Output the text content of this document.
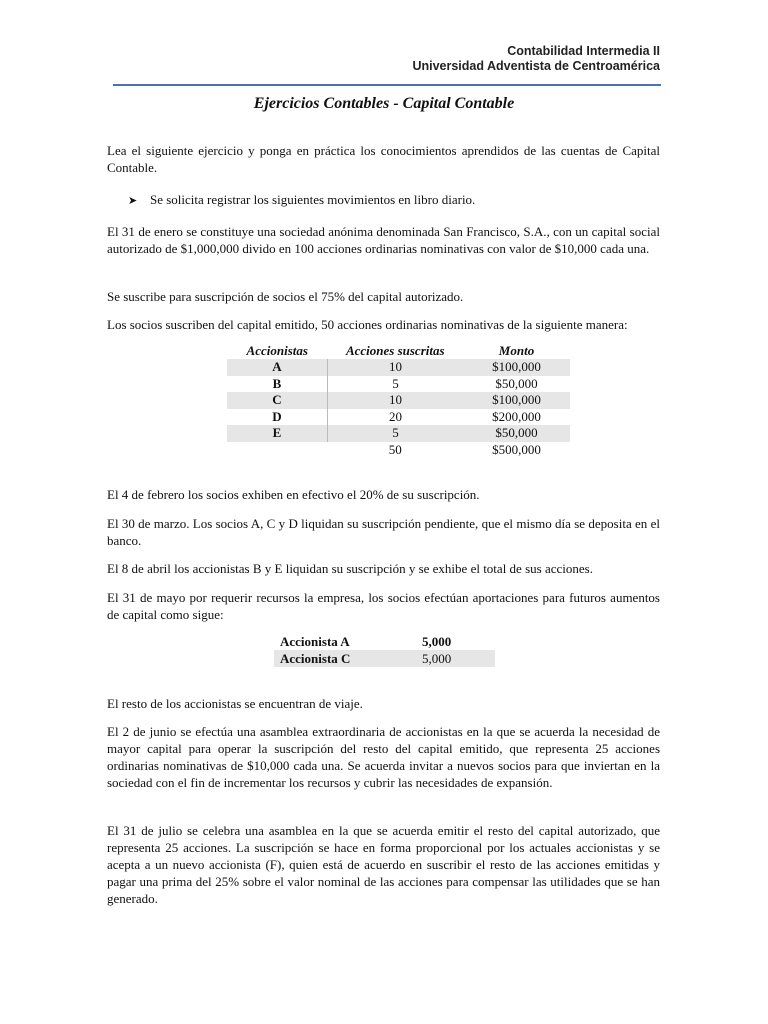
Contabilidad Intermedia II
Universidad Adventista de Centroamérica
Ejercicios Contables - Capital Contable
Lea el siguiente ejercicio y ponga en práctica los conocimientos aprendidos de las cuentas de Capital Contable.
➤ Se solicita registrar los siguientes movimientos en libro diario.
El 31 de enero se constituye una sociedad anónima denominada San Francisco, S.A., con un capital social autorizado de $1,000,000 divido en 100 acciones ordinarias nominativas con valor de $10,000 cada una.
Se suscribe para suscripción de socios el 75% del capital autorizado.
Los socios suscriben del capital emitido, 50 acciones ordinarias nominativas de la siguiente manera:
Accionistas	Acciones suscritas	Monto
A	10	$100,000
B	5	$50,000
C	10	$100,000
D	20	$200,000
E	5	$50,000
	50	$500,000
El 4 de febrero los socios exhiben en efectivo el 20% de su suscripción.
El 30 de marzo. Los socios A, C y D liquidan su suscripción pendiente, que el mismo día se deposita en el banco.
El 8 de abril los accionistas B y E liquidan su suscripción y se exhibe el total de sus acciones.
El 31 de mayo por requerir recursos la empresa, los socios efectúan aportaciones para futuros aumentos de capital como sigue:
Accionista A	5,000
Accionista C	5,000
El resto de los accionistas se encuentran de viaje.
El 2 de junio se efectúa una asamblea extraordinaria de accionistas en la que se acuerda la necesidad de mayor capital para operar la suscripción del resto del capital emitido, que representa 25 acciones ordinarias nominativas de $10,000 cada una. Se acuerda invitar a nuevos socios para que inviertan en la sociedad con el fin de incrementar los recursos y cubrir las necesidades de expansión.
El 31 de julio se celebra una asamblea en la que se acuerda emitir el resto del capital autorizado, que representa 25 acciones. La suscripción se hace en forma proporcional por los actuales accionistas y se acepta a un nuevo accionista (F), quien está de acuerdo en suscribir el resto de las acciones emitidas y pagar una prima del 25% sobre el valor nominal de las acciones para compensar las utilidades que se han generado.
